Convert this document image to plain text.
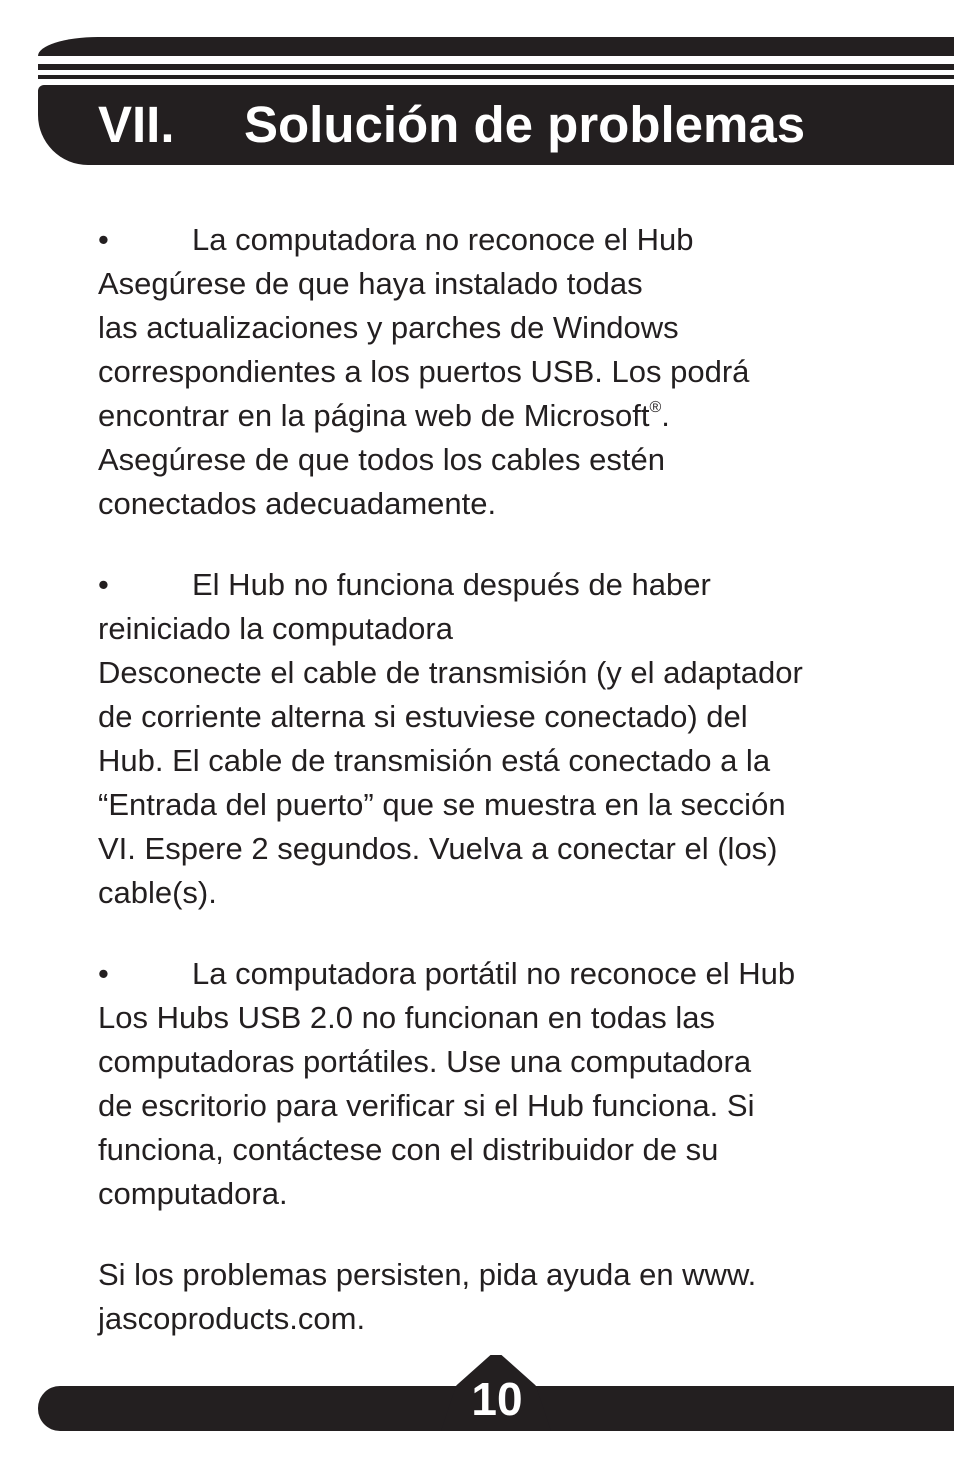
VII. Solución de problemas
•	La computadora no reconoce el Hub
Asegúrese de que haya instalado todas
las actualizaciones y parches de Windows
correspondientes a los puertos USB. Los podrá
encontrar en la página web de Microsoft®.
Asegúrese de que todos los cables estén
conectados adecuadamente.
•	El Hub no funciona después de haber
reiniciado la computadora
Desconecte el cable de transmisión (y el adaptador
de corriente alterna si estuviese conectado) del
Hub. El cable de transmisión está conectado a la
“Entrada del puerto” que se muestra en la sección
VI. Espere 2 segundos. Vuelva a conectar el (los)
cable(s).
•	La computadora portátil no reconoce el Hub
Los Hubs USB 2.0 no funcionan en todas las
computadoras portátiles. Use una computadora
de escritorio para verificar si el Hub funciona. Si
funciona, contáctese con el distribuidor de su
computadora.
Si los problemas persisten, pida ayuda en www.
jascoproducts.com.
10
